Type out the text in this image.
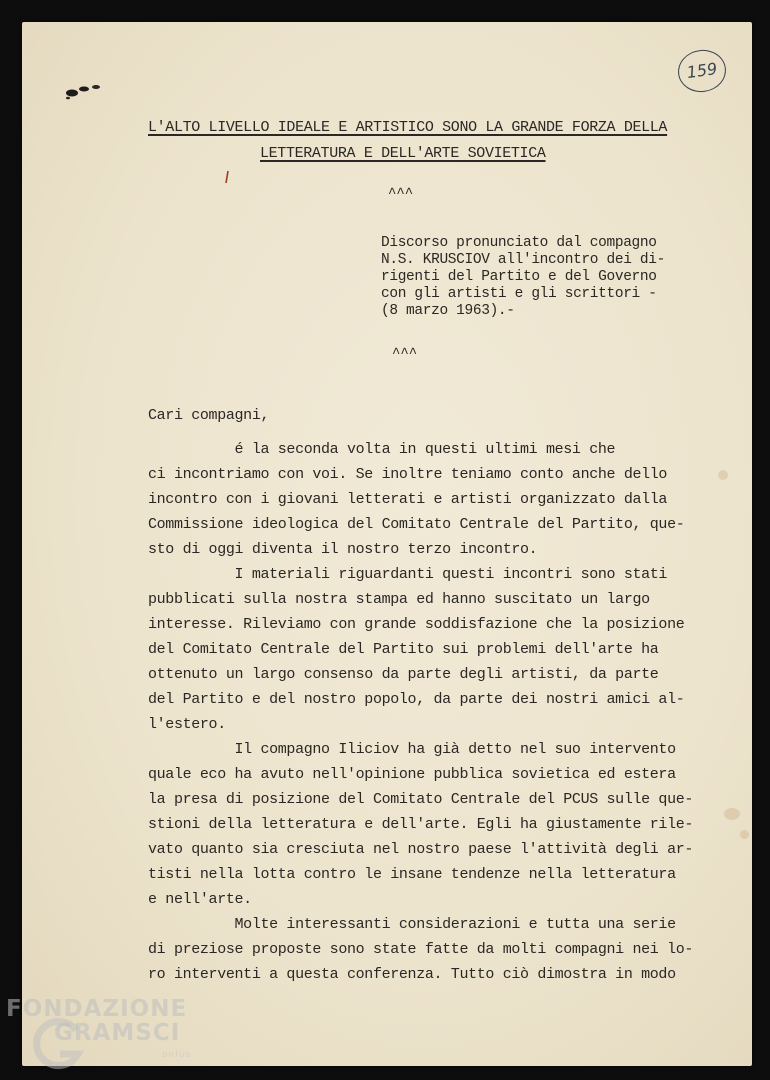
159
L'ALTO LIVELLO IDEALE E ARTISTICO SONO LA GRANDE FORZA DELLA
LETTERATURA E DELL'ARTE SOVIETICA
^^^
Discorso pronunciato dal compagno
N.S. KRUSCIOV all'incontro dei di-
rigenti del Partito e del Governo
con gli artisti e gli scrittori -
(8 marzo 1963).-
^^^
Cari compagni,
é la seconda volta in questi ultimi mesi che
ci incontriamo con voi. Se inoltre teniamo conto anche dello
incontro con i giovani letterati e artisti organizzato dalla
Commissione ideologica del Comitato Centrale del Partito, que-
sto di oggi diventa il nostro terzo incontro.
I materiali riguardanti questi incontri sono stati
pubblicati sulla nostra stampa ed hanno suscitato un largo
interesse. Rileviamo con grande soddisfazione che la posizione
del Comitato Centrale del Partito sui problemi dell'arte ha
ottenuto un largo consenso da parte degli artisti, da parte
del Partito e del nostro popolo, da parte dei nostri amici al-
l'estero.
Il compagno Iliciov ha già detto nel suo intervento
quale eco ha avuto nell'opinione pubblica sovietica ed estera
la presa di posizione del Comitato Centrale del PCUS sulle que-
stioni della letteratura e dell'arte. Egli ha giustamente rile-
vato quanto sia cresciuta nel nostro paese l'attività degli ar-
tisti nella lotta contro le insane tendenze nella letteratura
e nell'arte.
Molte interessanti considerazioni e tutta una serie
di preziose proposte sono state fatte da molti compagni nei lo-
ro interventi a questa conferenza. Tutto ciò dimostra in modo
FONDAZIONE
GRAMSCI
onlus
